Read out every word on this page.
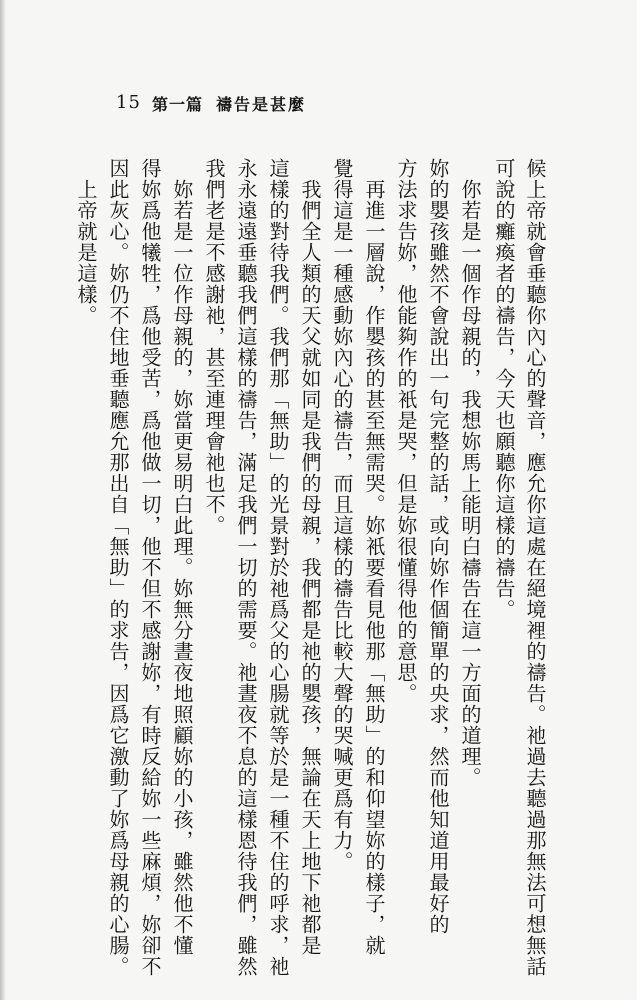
15 第一篇 禱告是甚麼
候上帝就會垂聽你內心的聲音，應允你這處在絕境裡的禱告。祂過去聽過那無法可想無話
可說的癱瘓者的禱告，今天也願聽你這樣的禱告。
　你若是一個作母親的，我想妳馬上能明白禱告在這一方面的道理。
妳的嬰孩雖然不會說出一句完整的話，或向妳作個簡單的央求，然而他知道用最好的
方法求告妳，他能夠作的衹是哭，但是妳很懂得他的意思。
　再進一層說，作嬰孩的甚至無需哭。妳衹要看見他那「無助」的和仰望妳的樣子，就
覺得這是一種感動妳內心的禱告，而且這樣的禱告比較大聲的哭喊更爲有力。
　我們全人類的天父就如同是我們的母親，我們都是祂的嬰孩，無論在天上地下祂都是
這樣的對待我們。我們那「無助」的光景對於祂爲父的心腸就等於是一種不住的呼求，祂
永永遠遠垂聽我們這樣的禱告，滿足我們一切的需要。祂晝夜不息的這樣恩待我們，雖然
我們老是不感謝祂，甚至連理會祂也不。
　妳若是一位作母親的，妳當更易明白此理。妳無分晝夜地照顧妳的小孩，雖然他不懂
得妳爲他犧牲，爲他受苦，爲他做一切，他不但不感謝妳，有時反給妳一些麻煩，妳卻不
因此灰心。妳仍不住地垂聽應允那出自「無助」的求告，因爲它激動了妳爲母親的心腸。
　上帝就是這樣。
